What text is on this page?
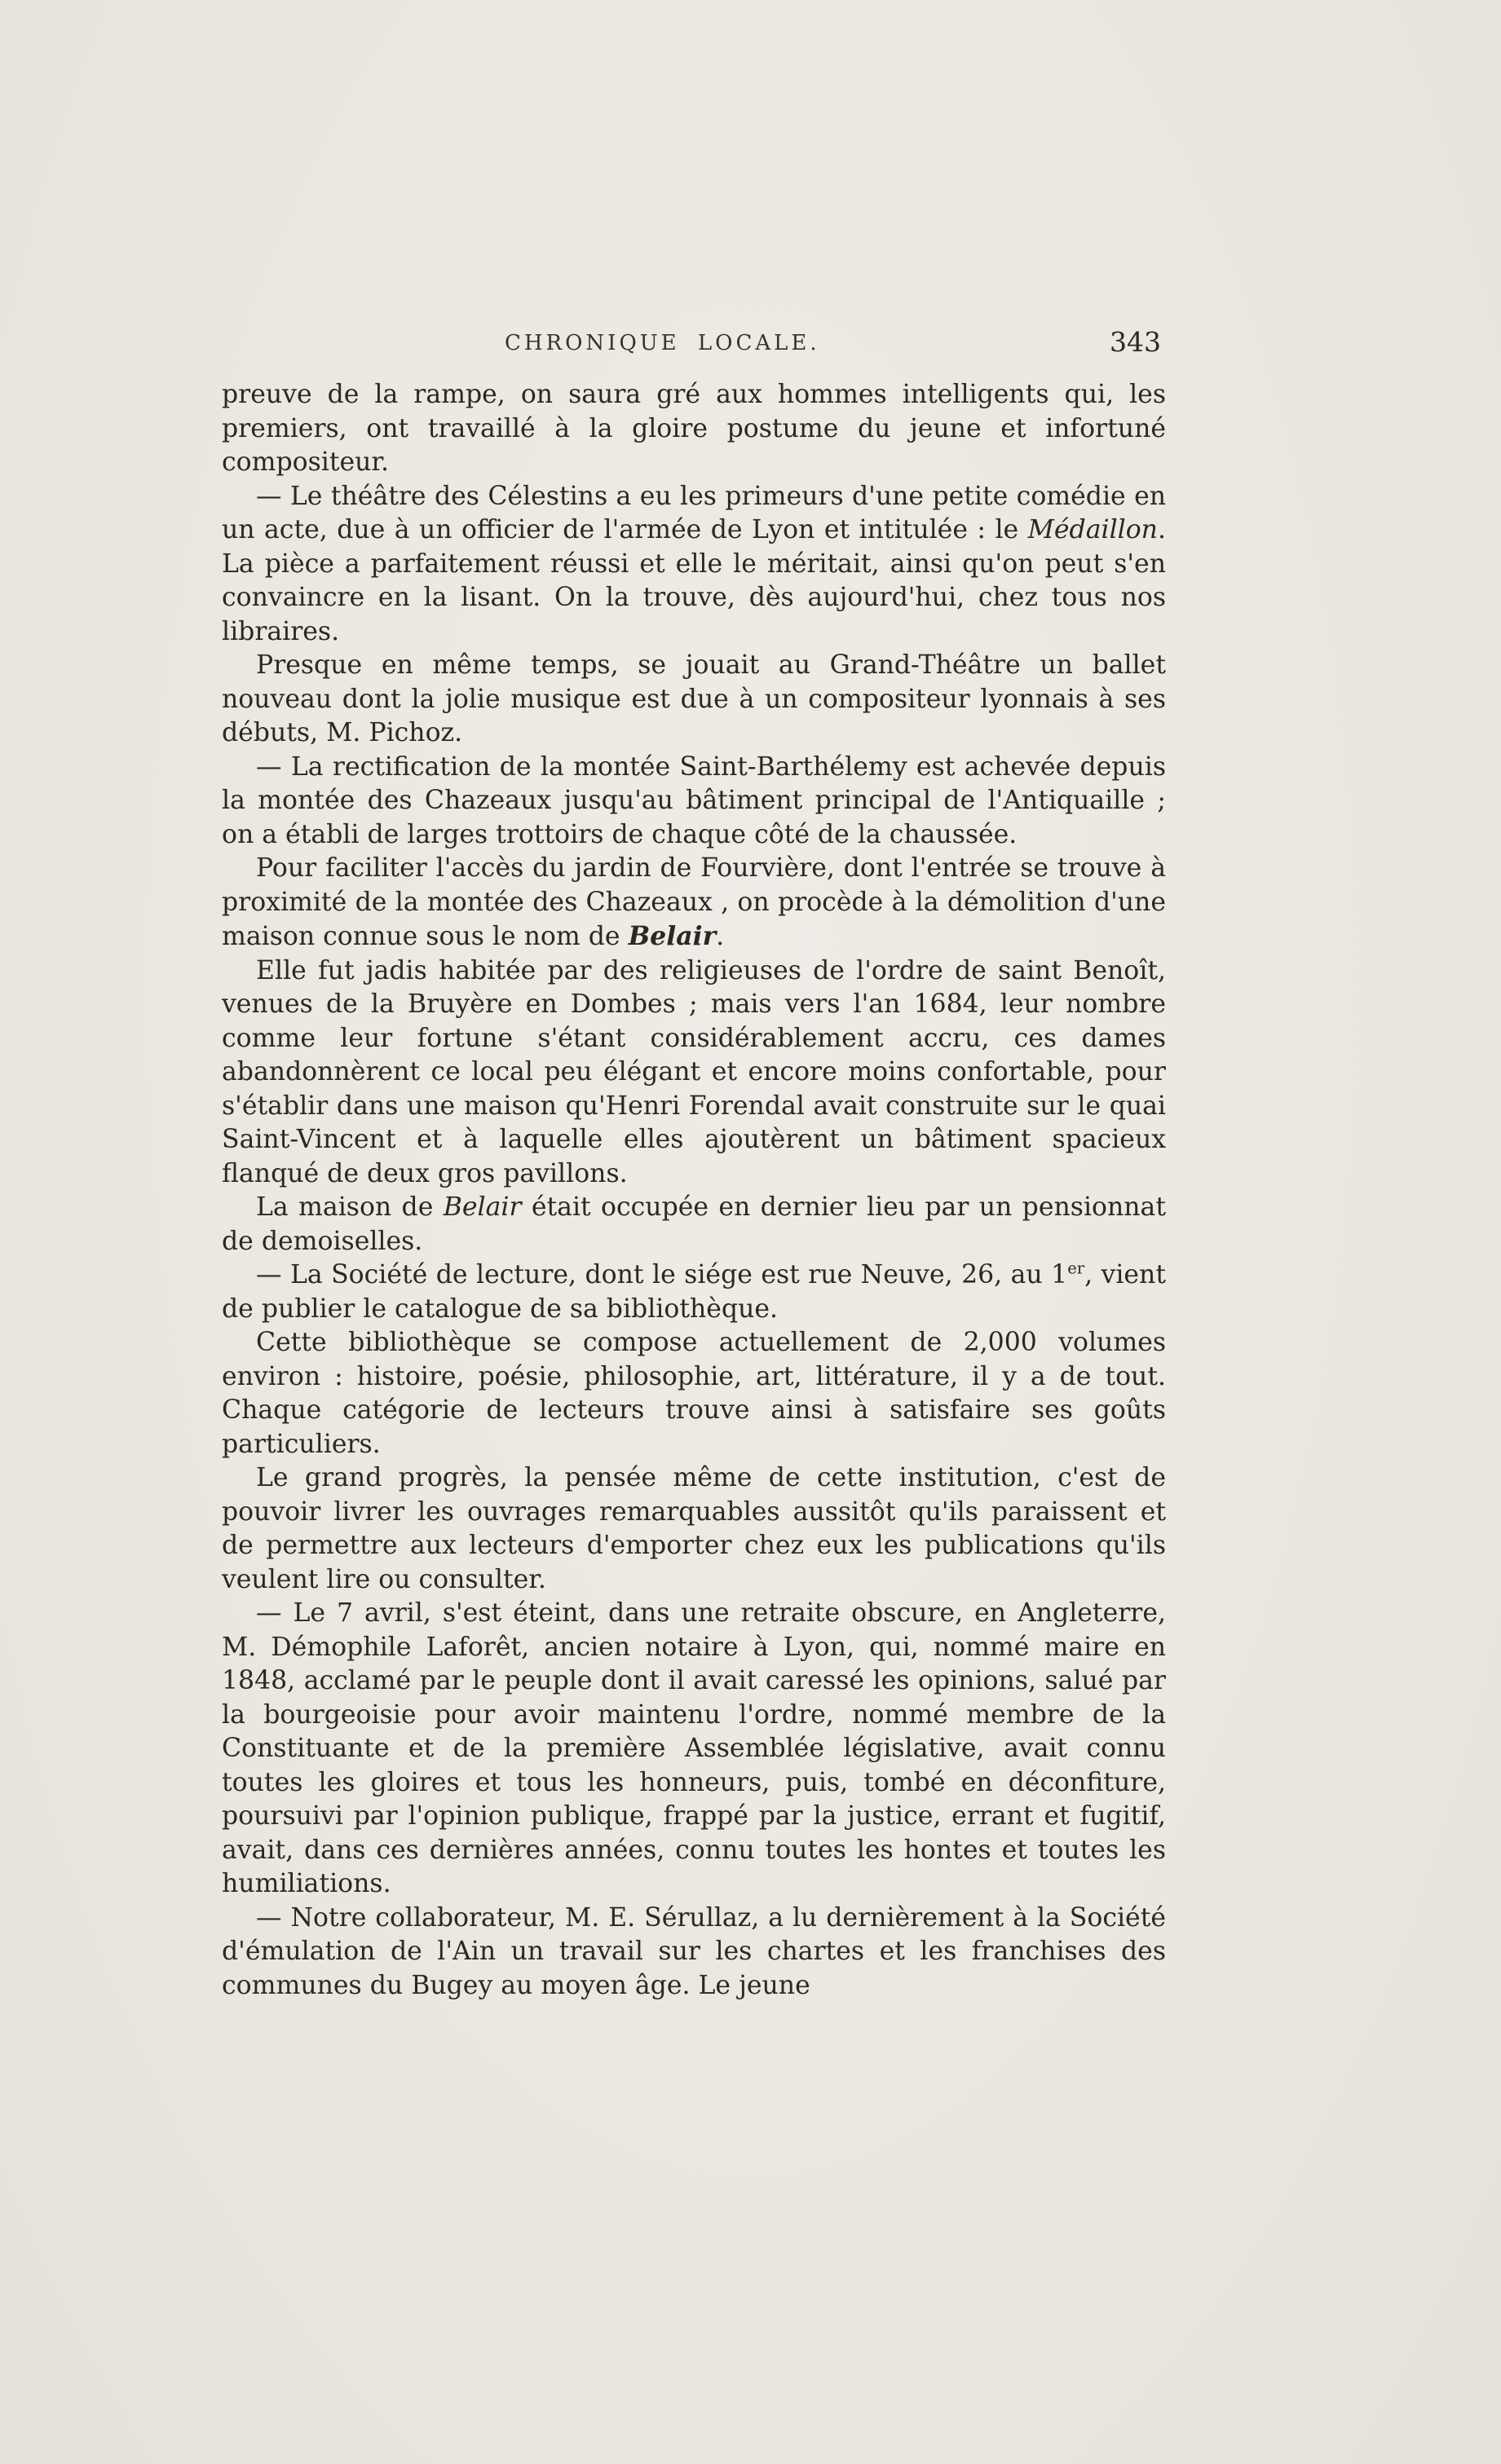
CHRONIQUE LOCALE.	343

preuve de la rampe, on saura gré aux hommes intelligents qui, les premiers, ont travaillé à la gloire postume du jeune et infortuné compositeur.

— Le théâtre des Célestins a eu les primeurs d'une petite comédie en un acte, due à un officier de l'armée de Lyon et intitulée : le Médaillon. La pièce a parfaitement réussi et elle le méritait, ainsi qu'on peut s'en convaincre en la lisant. On la trouve, dès aujourd'hui, chez tous nos libraires.

Presque en même temps, se jouait au Grand-Théâtre un ballet nouveau dont la jolie musique est due à un compositeur lyonnais à ses débuts, M. Pichoz.

— La rectification de la montée Saint-Barthélemy est achevée depuis la montée des Chazeaux jusqu'au bâtiment principal de l'Antiquaille ; on a établi de larges trottoirs de chaque côté de la chaussée.

Pour faciliter l'accès du jardin de Fourvière, dont l'entrée se trouve à proximité de la montée des Chazeaux , on procède à la démolition d'une maison connue sous le nom de Belair.

Elle fut jadis habitée par des religieuses de l'ordre de saint Benoît, venues de la Bruyère en Dombes ; mais vers l'an 1684, leur nombre comme leur fortune s'étant considérablement accru, ces dames abandonnèrent ce local peu élégant et encore moins confortable, pour s'établir dans une maison qu'Henri Forendal avait construite sur le quai Saint-Vincent et à laquelle elles ajoutèrent un bâtiment spacieux flanqué de deux gros pavillons.

La maison de Belair était occupée en dernier lieu par un pensionnat de demoiselles.

— La Société de lecture, dont le siége est rue Neuve, 26, au 1er, vient de publier le catalogue de sa bibliothèque.

Cette bibliothèque se compose actuellement de 2,000 volumes environ : histoire, poésie, philosophie, art, littérature, il y a de tout. Chaque catégorie de lecteurs trouve ainsi à satisfaire ses goûts particuliers.

Le grand progrès, la pensée même de cette institution, c'est de pouvoir livrer les ouvrages remarquables aussitôt qu'ils paraissent et de permettre aux lecteurs d'emporter chez eux les publications qu'ils veulent lire ou consulter.

— Le 7 avril, s'est éteint, dans une retraite obscure, en Angleterre, M. Démophile Laforêt, ancien notaire à Lyon, qui, nommé maire en 1848, acclamé par le peuple dont il avait caressé les opinions, salué par la bourgeoisie pour avoir maintenu l'ordre, nommé membre de la Constituante et de la première Assemblée législative, avait connu toutes les gloires et tous les honneurs, puis, tombé en déconfiture, poursuivi par l'opinion publique, frappé par la justice, errant et fugitif, avait, dans ces dernières années, connu toutes les hontes et toutes les humiliations.

— Notre collaborateur, M. E. Sérullaz, a lu dernièrement à la Société d'émulation de l'Ain un travail sur les chartes et les franchises des communes du Bugey au moyen âge. Le jeune
